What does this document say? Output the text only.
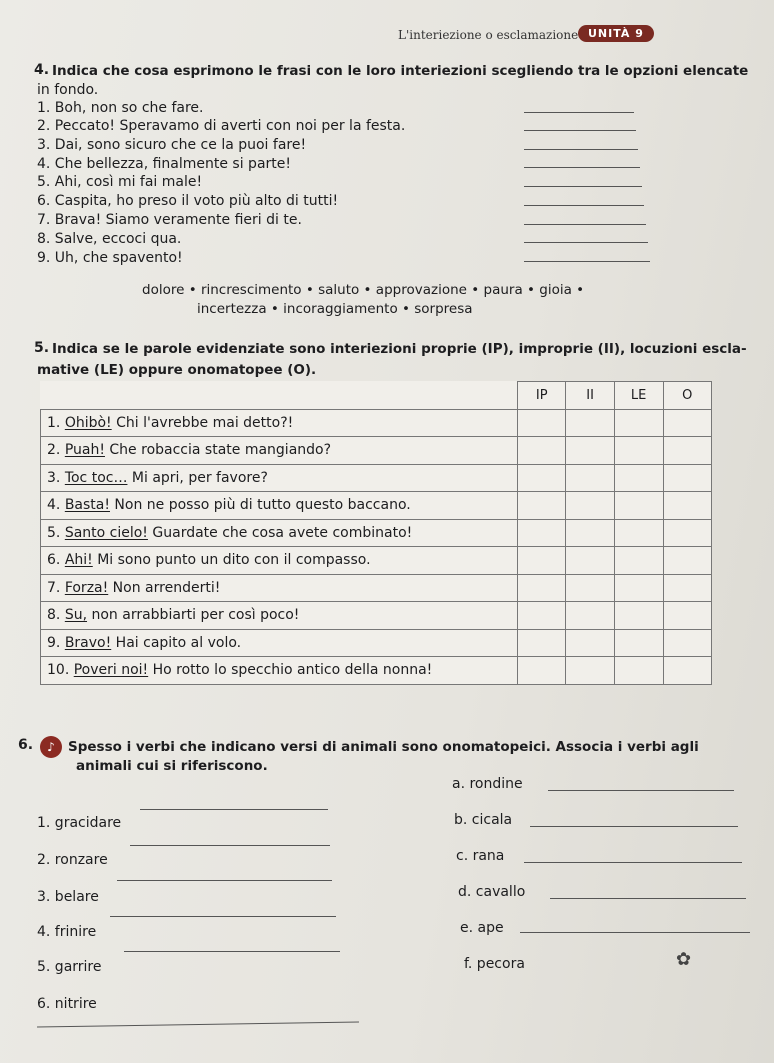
L'interiezione o esclamazione UNITÀ 9
4. Indica che cosa esprimono le frasi con le loro interiezioni scegliendo tra le opzioni elencate
in fondo.
1. Boh, non so che fare.
2. Peccato! Speravamo di averti con noi per la festa.
3. Dai, sono sicuro che ce la puoi fare!
4. Che bellezza, finalmente si parte!
5. Ahi, così mi fai male!
6. Caspita, ho preso il voto più alto di tutti!
7. Brava! Siamo veramente fieri di te.
8. Salve, eccoci qua.
9. Uh, che spavento!
dolore • rincrescimento • saluto • approvazione • paura • gioia •
incertezza • incoraggiamento • sorpresa
5. Indica se le parole evidenziate sono interiezioni proprie (IP), improprie (II), locuzioni escla-
mative (LE) oppure onomatopee (O).
	IP	II	LE	O
1. Ohibò! Chi l'avrebbe mai detto?!				
2. Puah! Che robaccia state mangiando?				
3. Toc toc… Mi apri, per favore?				
4. Basta! Non ne posso più di tutto questo baccano.				
5. Santo cielo! Guardate che cosa avete combinato!				
6. Ahi! Mi sono punto un dito con il compasso.				
7. Forza! Non arrenderti!				
8. Su, non arrabbiarti per così poco!				
9. Bravo! Hai capito al volo.				
10. Poveri noi! Ho rotto lo specchio antico della nonna!				
6.	♪ Spesso i verbi che indicano versi di animali sono onomatopeici. Associa i verbi agli
animali cui si riferiscono.
1. gracidare
2. ronzare
3. belare
4. frinire
5. garrire
6. nitrire
a. rondine
b. cicala
c. rana
d. cavallo
e. ape
f. pecora	✿
